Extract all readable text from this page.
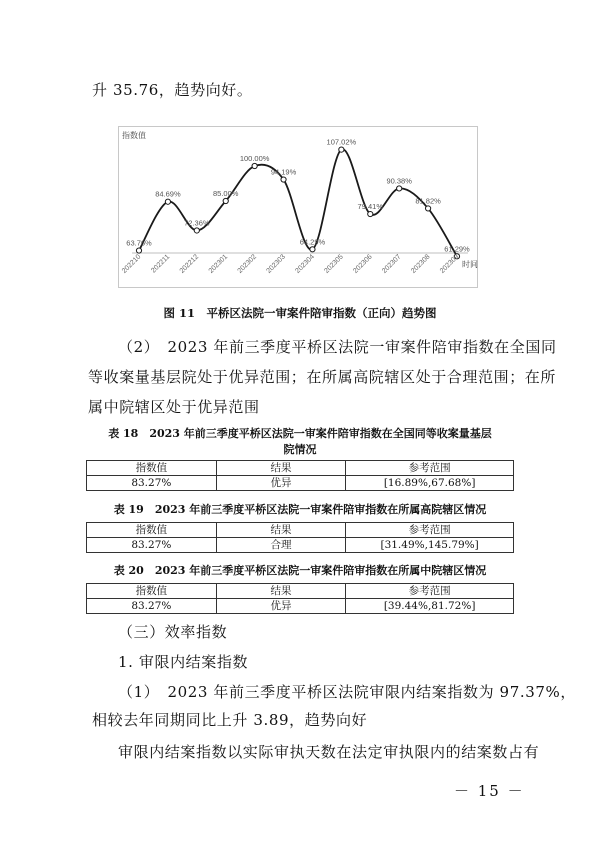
升 35.76，趋势向好。
指数值
时间
63.76%
202210
84.69%
202211
72.36%
202212
85.00%
202301
100.00%
202302
94.19%
202303
64.29%
202304
107.02%
202305
79.41%
202306
90.38%
202307
81.82%
202308
61.29%
202309
图 11　平桥区法院一审案件陪审指数（正向）趋势图
（2）　2023 年前三季度平桥区法院一审案件陪审指数在全国同
等收案量基层院处于优异范围；在所属高院辖区处于合理范围；在所
属中院辖区处于优异范围
表 18　2023 年前三季度平桥区法院一审案件陪审指数在全国同等收案量基层
院情况
指数值	结果	参考范围
83.27%	优异	[16.89%,67.68%]
表 19　2023 年前三季度平桥区法院一审案件陪审指数在所属高院辖区情况
指数值	结果	参考范围
83.27%	合理	[31.49%,145.79%]
表 20　2023 年前三季度平桥区法院一审案件陪审指数在所属中院辖区情况
指数值	结果	参考范围
83.27%	优异	[39.44%,81.72%]
（三）效率指数
1. 审限内结案指数
（1）　2023 年前三季度平桥区法院审限内结案指数为 97.37%，
相较去年同期同比上升 3.89，趋势向好
审限内结案指数以实际审执天数在法定审执限内的结案数占有
－ 15 －
